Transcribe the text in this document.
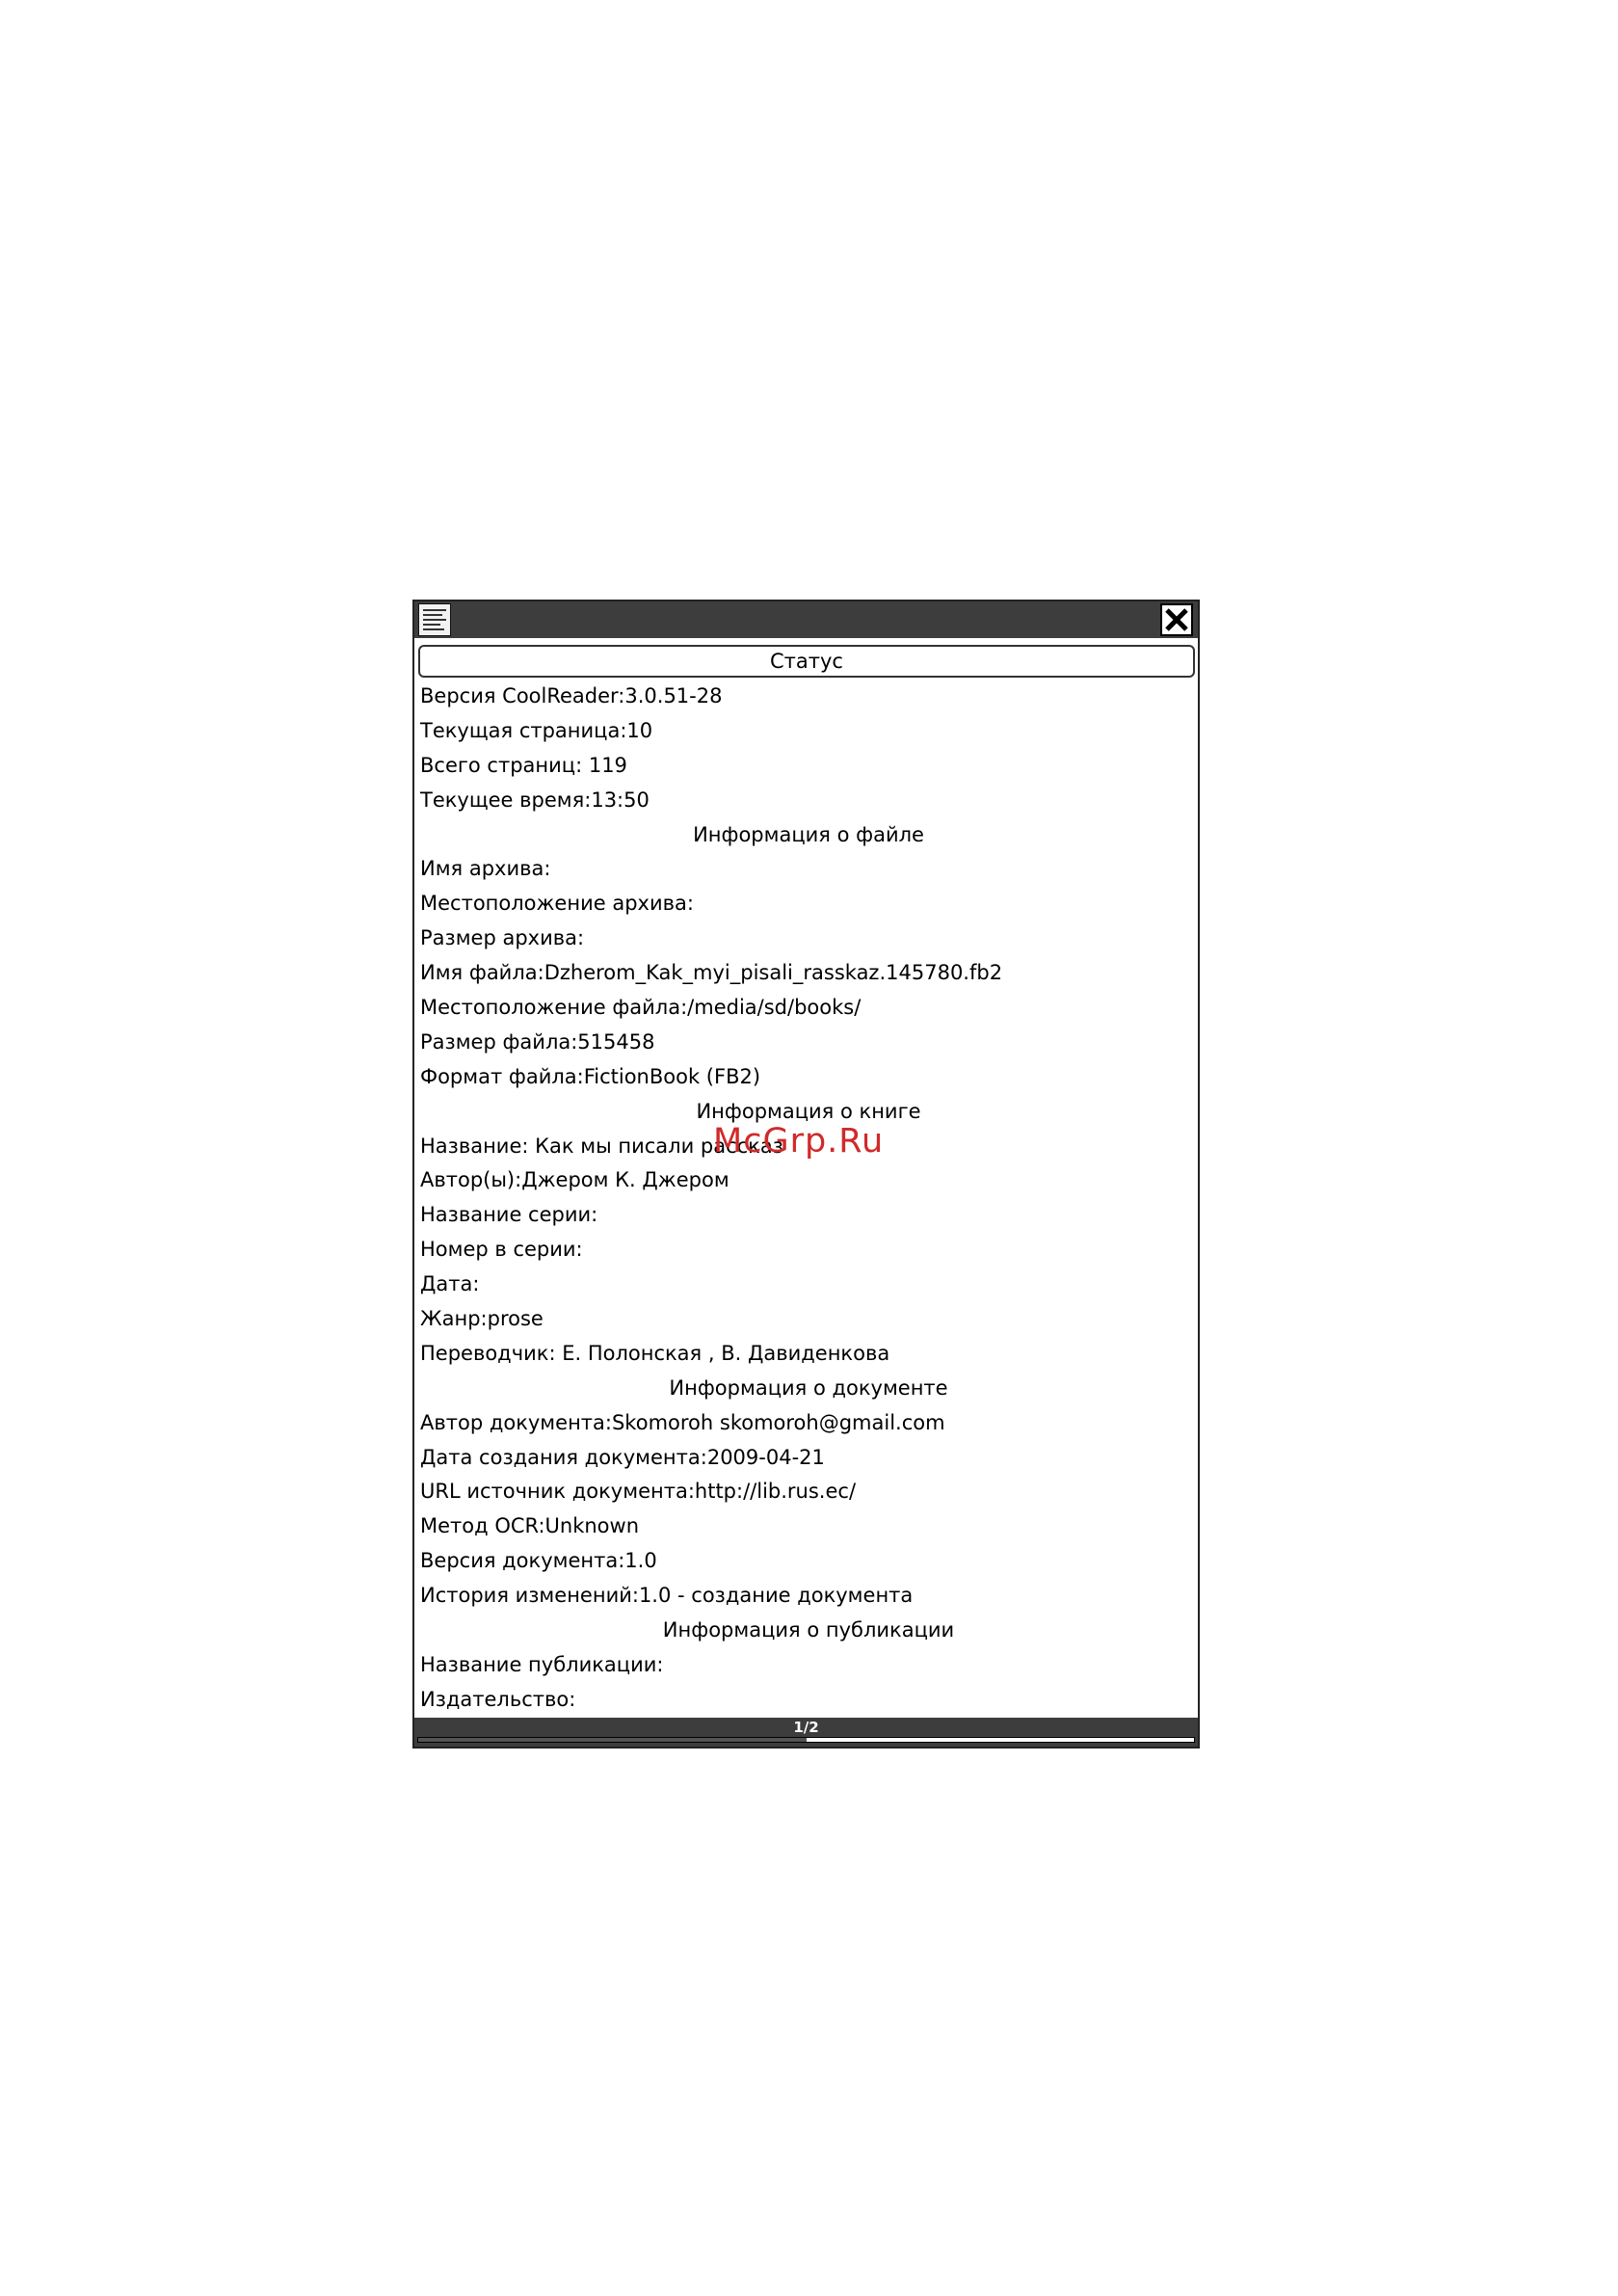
Статус
Версия CoolReader:3.0.51-28
Текущая страница:10
Всего страниц: 119
Текущее время:13:50
Информация о файле
Имя архива:
Местоположение архива:
Размер архива:
Имя файла:Dzherom_Kak_myi_pisali_rasskaz.145780.fb2
Местоположение файла:/media/sd/books/
Размер файла:515458
Формат файла:FictionBook (FB2)
Информация о книге
Название: Как мы писали рассказ
Автор(ы):Джером К. Джером
Название серии:
Номер в серии:
Дата:
Жанр:prose
Переводчик: Е. Полонская , В. Давиденкова
Информация о документе
Автор документа:Skomoroh skomoroh@gmail.com
Дата создания документа:2009-04-21
URL источник документа:http://lib.rus.ec/
Метод OCR:Unknown
Версия документа:1.0
История изменений:1.0 - создание документа
Информация о публикации
Название публикации:
Издательство:
1/2
McGrp.Ru
